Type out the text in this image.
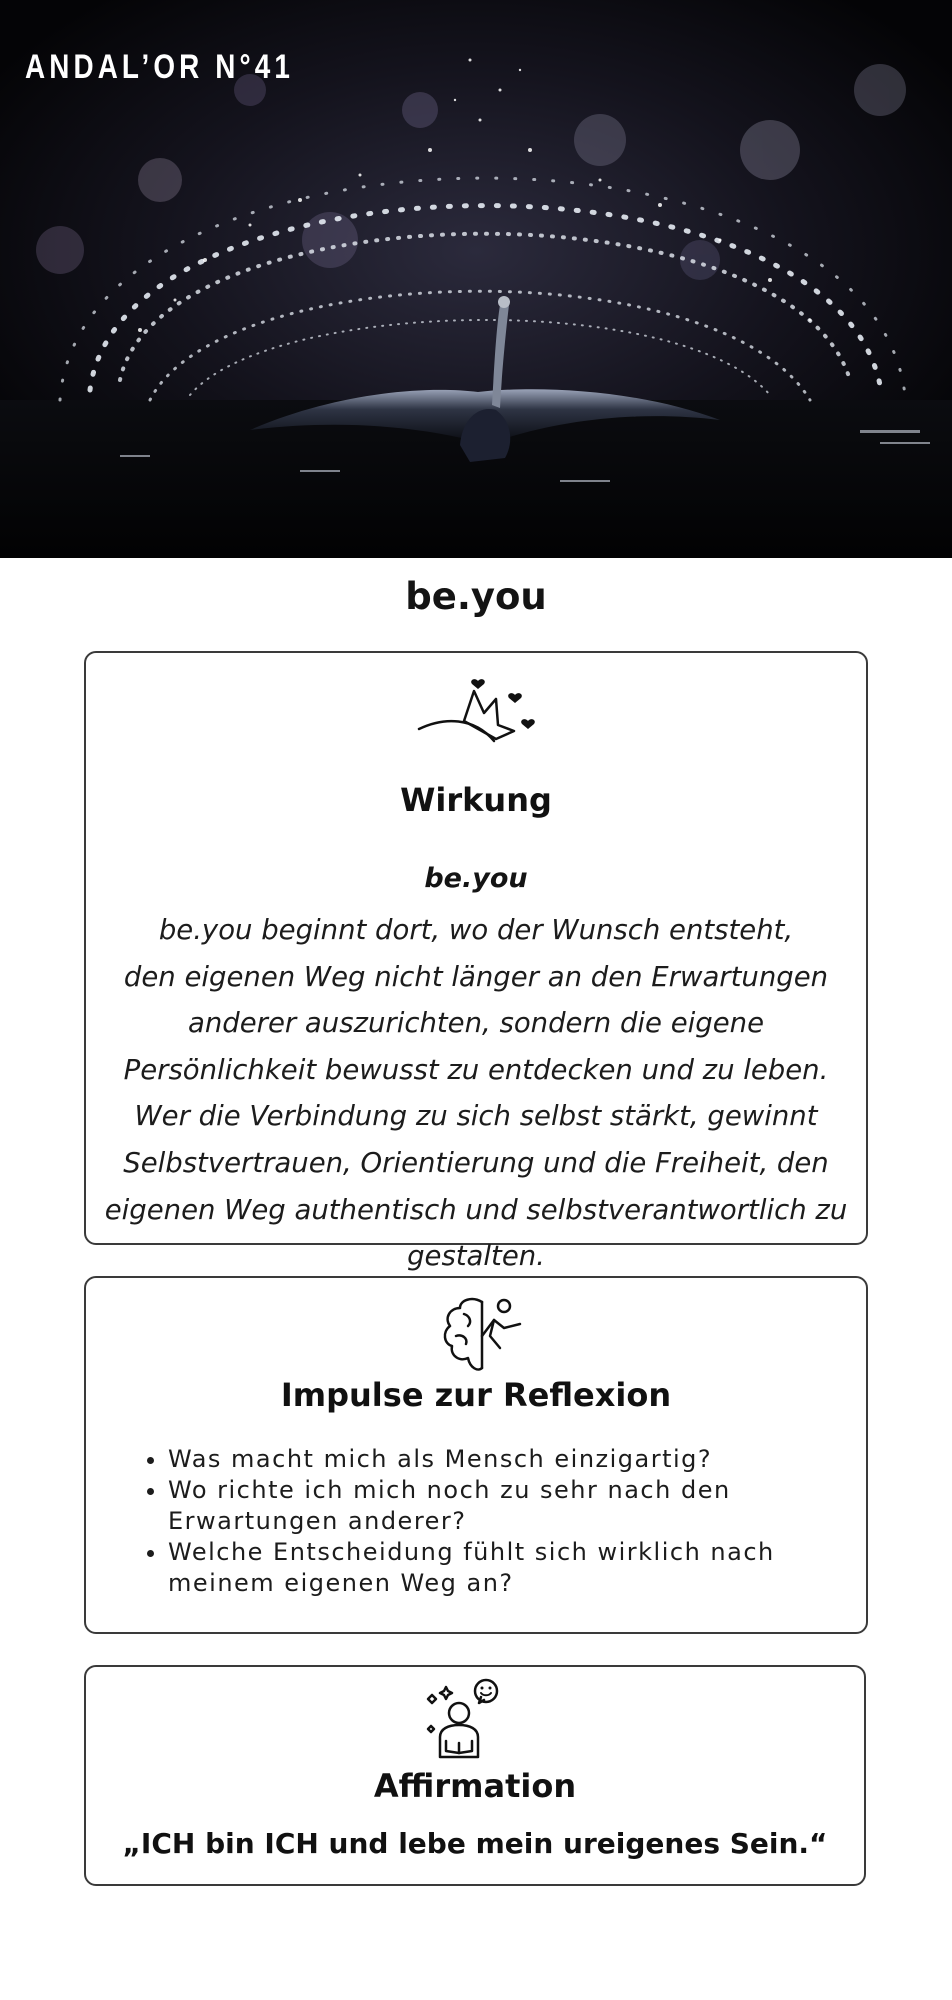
ANDAL’OR N°41
be.you
Wirkung

be.you

be.you beginnt dort, wo der Wunsch entsteht,
den eigenen Weg nicht länger an den Erwartungen anderer auszurichten, sondern die eigene Persönlichkeit bewusst zu entdecken und zu leben. Wer die Verbindung zu sich selbst stärkt, gewinnt Selbstvertrauen, Orientierung und die Freiheit, den eigenen Weg authentisch und selbstverantwortlich zu gestalten.

Impulse zur Reflexion
• Was macht mich als Mensch einzigartig?
• Wo richte ich mich noch zu sehr nach den Erwartungen anderer?
• Welche Entscheidung fühlt sich wirklich nach meinem eigenen Weg an?
Affirmation

„ICH bin ICH und lebe mein ureigenes Sein.“
